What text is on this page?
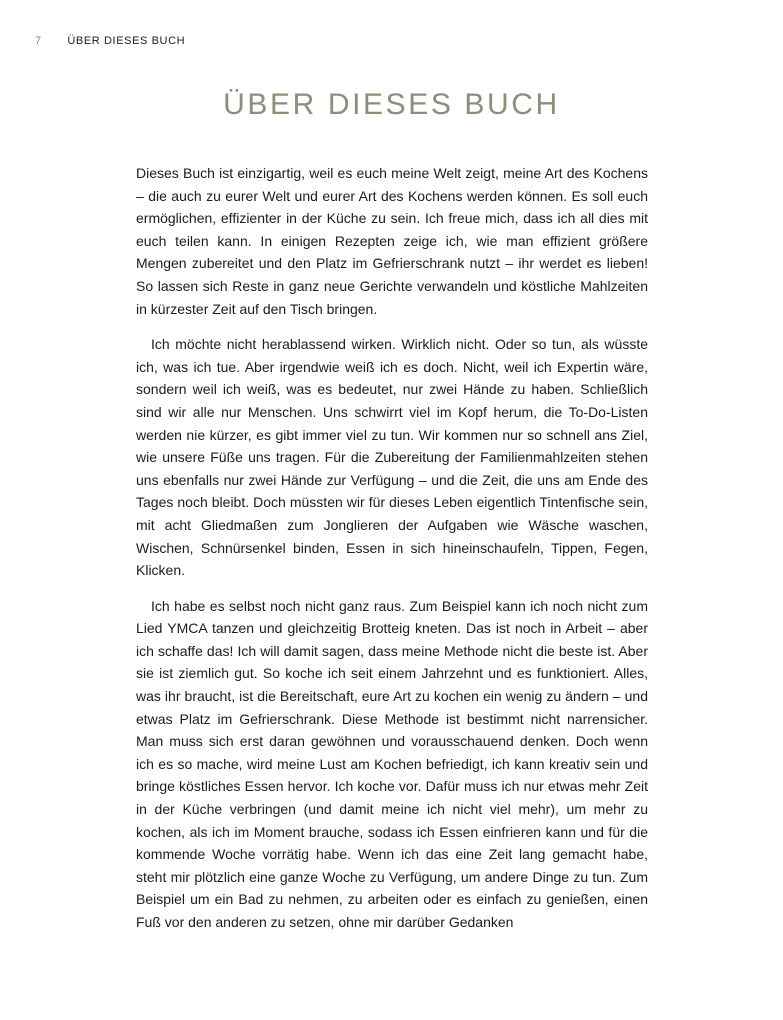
7 ÜBER DIESES BUCH
ÜBER DIESES BUCH

Dieses Buch ist einzigartig, weil es euch meine Welt zeigt, meine Art des Kochens – die auch zu eurer Welt und eurer Art des Kochens werden können. Es soll euch ermöglichen, effizienter in der Küche zu sein. Ich freue mich, dass ich all dies mit euch teilen kann. In einigen Rezepten zeige ich, wie man effizient größere Mengen zubereitet und den Platz im Gefrierschrank nutzt – ihr werdet es lieben! So lassen sich Reste in ganz neue Gerichte verwandeln und köstliche Mahlzeiten in kürzester Zeit auf den Tisch bringen.

Ich möchte nicht herablassend wirken. Wirklich nicht. Oder so tun, als wüsste ich, was ich tue. Aber irgendwie weiß ich es doch. Nicht, weil ich Expertin wäre, sondern weil ich weiß, was es bedeutet, nur zwei Hände zu haben. Schließlich sind wir alle nur Menschen. Uns schwirrt viel im Kopf herum, die To-Do-Listen werden nie kürzer, es gibt immer viel zu tun. Wir kommen nur so schnell ans Ziel, wie unsere Füße uns tragen. Für die Zubereitung der Familienmahlzeiten stehen uns ebenfalls nur zwei Hände zur Verfügung – und die Zeit, die uns am Ende des Tages noch bleibt. Doch müssten wir für dieses Leben eigentlich Tintenfische sein, mit acht Gliedmaßen zum Jonglieren der Aufgaben wie Wäsche waschen, Wischen, Schnürsenkel binden, Essen in sich hineinschaufeln, Tippen, Fegen, Klicken.

Ich habe es selbst noch nicht ganz raus. Zum Beispiel kann ich noch nicht zum Lied YMCA tanzen und gleichzeitig Brotteig kneten. Das ist noch in Arbeit – aber ich schaffe das! Ich will damit sagen, dass meine Methode nicht die beste ist. Aber sie ist ziemlich gut. So koche ich seit einem Jahrzehnt und es funktioniert. Alles, was ihr braucht, ist die Bereitschaft, eure Art zu kochen ein wenig zu ändern – und etwas Platz im Gefrierschrank. Diese Methode ist bestimmt nicht narrensicher. Man muss sich erst daran gewöhnen und vorausschauend denken. Doch wenn ich es so mache, wird meine Lust am Kochen befriedigt, ich kann kreativ sein und bringe köstliches Essen hervor. Ich koche vor. Dafür muss ich nur etwas mehr Zeit in der Küche verbringen (und damit meine ich nicht viel mehr), um mehr zu kochen, als ich im Moment brauche, sodass ich Essen einfrieren kann und für die kommende Woche vorrätig habe. Wenn ich das eine Zeit lang gemacht habe, steht mir plötzlich eine ganze Woche zu Verfügung, um andere Dinge zu tun. Zum Beispiel um ein Bad zu nehmen, zu arbeiten oder es einfach zu genießen, einen Fuß vor den anderen zu setzen, ohne mir darüber Gedanken
